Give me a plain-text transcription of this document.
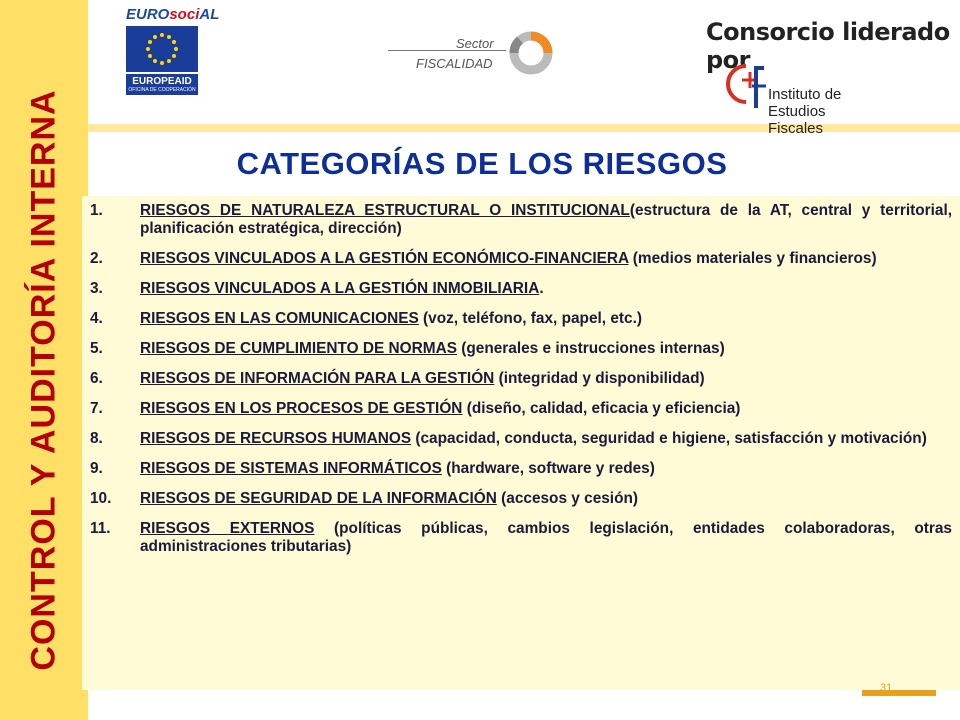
CONTROL Y AUDITORÍA INTERNA
EUROsociAL
EUROPEAID
OFICINA DE COOPERACIÓN
Sector
FISCALIDAD
Consorcio liderado por
Instituto de
Estudios Fiscales
CATEGORÍAS DE LOS RIESGOS
1. RIESGOS DE NATURALEZA ESTRUCTURAL O INSTITUCIONAL(estructura de la AT, central y territorial, planificación estratégica, dirección)
2. RIESGOS VINCULADOS A LA GESTIÓN ECONÓMICO-FINANCIERA (medios materiales y financieros)
3. RIESGOS VINCULADOS A LA GESTIÓN INMOBILIARIA.
4. RIESGOS EN LAS COMUNICACIONES (voz, teléfono, fax, papel, etc.)
5. RIESGOS DE CUMPLIMIENTO DE NORMAS (generales e instrucciones internas)
6. RIESGOS DE INFORMACIÓN PARA LA GESTIÓN (integridad y disponibilidad)
7. RIESGOS EN LOS PROCESOS DE GESTIÓN (diseño, calidad, eficacia y eficiencia)
8. RIESGOS DE RECURSOS HUMANOS (capacidad, conducta, seguridad e higiene, satisfacción y motivación)
9. RIESGOS DE SISTEMAS INFORMÁTICOS (hardware, software y redes)
10. RIESGOS DE SEGURIDAD DE LA INFORMACIÓN (accesos y cesión)
11. RIESGOS EXTERNOS (políticas públicas, cambios legislación, entidades colaboradoras, otras administraciones tributarias)
31
